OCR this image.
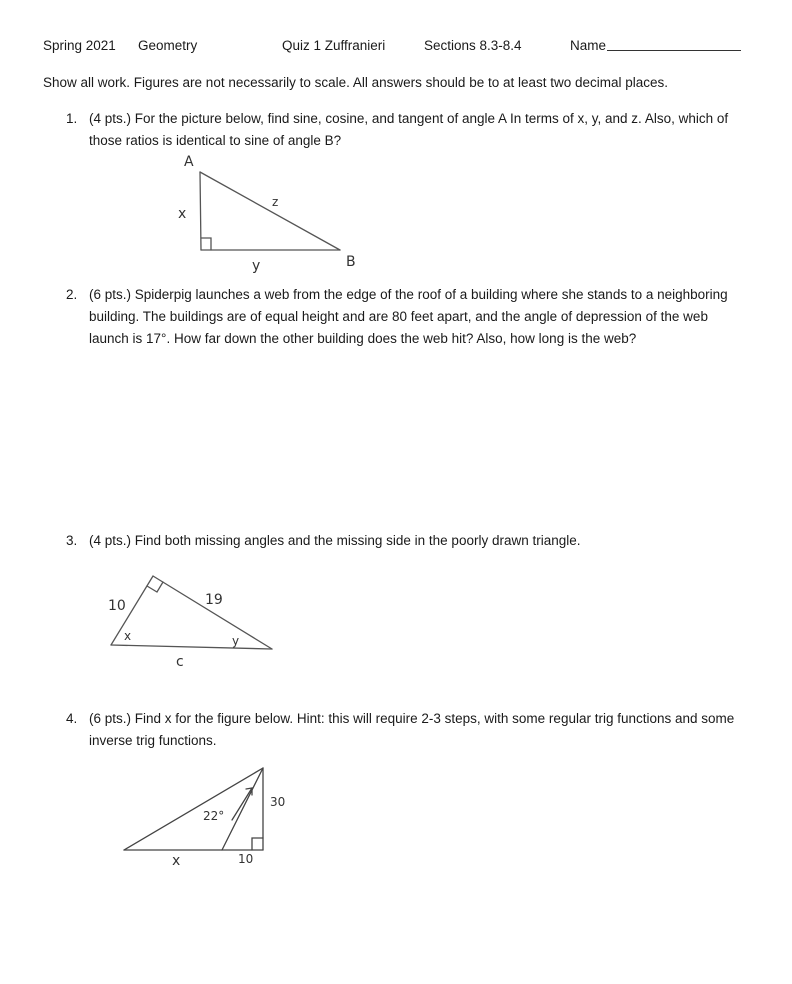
Spring 2021 Geometry	Quiz 1 Zuffranieri	Sections 8.3-8.4	Name
Show all work. Figures are not necessarily to scale. All answers should be to at least two decimal places.
1. (4 pts.) For the picture below, find sine, cosine, and tangent of angle A In terms of x, y, and z. Also, which of those ratios is identical to sine of angle B?
A
B
x
y
z
2. (6 pts.) Spiderpig launches a web from the edge of the roof of a building where she stands to a neighboring building. The buildings are of equal height and are 80 feet apart, and the angle of depression of the web launch is 17°. How far down the other building does the web hit? Also, how long is the web?
3. (4 pts.) Find both missing angles and the missing side in the poorly drawn triangle.
10	19
c
x	y
4. (6 pts.) Find x for the figure below. Hint: this will require 2-3 steps, with some regular trig functions and some inverse trig functions.
22°
30
x	10
